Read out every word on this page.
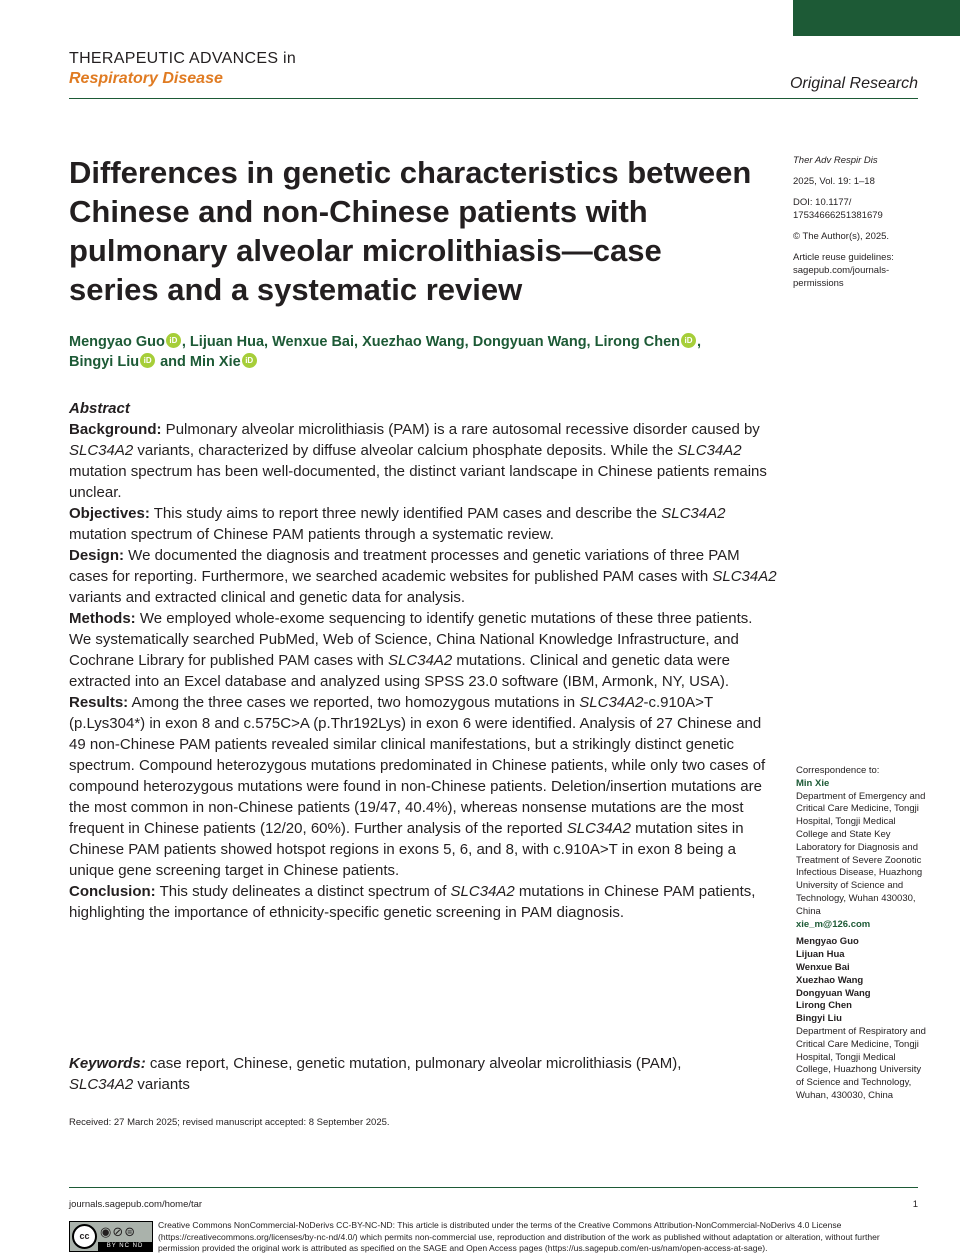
THERAPEUTIC ADVANCES in
Respiratory Disease	Original Research
Differences in genetic characteristics between Chinese and non-Chinese patients with pulmonary alveolar microlithiasis—case series and a systematic review
Ther Adv Respir Dis
2025, Vol. 19: 1–18
DOI: 10.1177/ 17534666251381679
© The Author(s), 2025.
Article reuse guidelines: sagepub.com/journals-permissions
Mengyao Guo iD , Lijuan Hua, Wenxue Bai, Xuezhao Wang, Dongyuan Wang, Lirong Chen iD ,
Bingyi Liu iD and Min Xie iD

Abstract

Background: Pulmonary alveolar microlithiasis (PAM) is a rare autosomal recessive disorder caused by SLC34A2 variants, characterized by diffuse alveolar calcium phosphate deposits. While the SLC34A2 mutation spectrum has been well-documented, the distinct variant landscape in Chinese patients remains unclear.

Objectives: This study aims to report three newly identified PAM cases and describe the SLC34A2 mutation spectrum of Chinese PAM patients through a systematic review.

Design: We documented the diagnosis and treatment processes and genetic variations of three PAM cases for reporting. Furthermore, we searched academic websites for published PAM cases with SLC34A2 variants and extracted clinical and genetic data for analysis.

Methods: We employed whole-exome sequencing to identify genetic mutations of these three patients. We systematically searched PubMed, Web of Science, China National Knowledge Infrastructure, and Cochrane Library for published PAM cases with SLC34A2 mutations. Clinical and genetic data were extracted into an Excel database and analyzed using SPSS 23.0 software (IBM, Armonk, NY, USA).

Results: Among the three cases we reported, two homozygous mutations in SLC34A2-c.910A>T (p.Lys304*) in exon 8 and c.575C>A (p.Thr192Lys) in exon 6 were identified. Analysis of 27 Chinese and 49 non-Chinese PAM patients revealed similar clinical manifestations, but a strikingly distinct genetic spectrum. Compound heterozygous mutations predominated in Chinese patients, while only two cases of compound heterozygous mutations were found in non-Chinese patients. Deletion/insertion mutations are the most common in non-Chinese patients (19/47, 40.4%), whereas nonsense mutations are the most frequent in Chinese patients (12/20, 60%). Further analysis of the reported SLC34A2 mutation sites in Chinese PAM patients showed hotspot regions in exons 5, 6, and 8, with c.910A>T in exon 8 being a unique gene screening target in Chinese patients.

Conclusion: This study delineates a distinct spectrum of SLC34A2 mutations in Chinese PAM patients, highlighting the importance of ethnicity-specific genetic screening in PAM diagnosis.

Keywords: case report, Chinese, genetic mutation, pulmonary alveolar microlithiasis (PAM),
SLC34A2 variants
Received: 27 March 2025; revised manuscript accepted: 8 September 2025.
Correspondence to:
Min Xie
Department of Emergency and Critical Care Medicine, Tongji Hospital, Tongji Medical College and State Key Laboratory for Diagnosis and Treatment of Severe Zoonotic Infectious Disease, Huazhong University of Science and Technology, Wuhan 430030, China
xie_m@126.com
Mengyao Guo
Lijuan Hua
Wenxue Bai
Xuezhao Wang
Dongyuan Wang
Lirong Chen
Bingyi Liu
Department of Respiratory and Critical Care Medicine, Tongji Hospital, Tongji Medical College, Huazhong University of Science and Technology, Wuhan, 430030, China
journals.sagepub.com/home/tar	1
cc ◉⊘⊜
BY NC ND
Creative Commons NonCommercial-NoDerivs CC-BY-NC-ND: This article is distributed under the terms of the Creative Commons Attribution-NonCommercial-NoDerivs 4.0 License (https://creativecommons.org/licenses/by-nc-nd/4.0/) which permits non-commercial use, reproduction and distribution of the work as published without adaptation or alteration, without further permission provided the original work is attributed as specified on the SAGE and Open Access pages (https://us.sagepub.com/en-us/nam/open-access-at-sage).
